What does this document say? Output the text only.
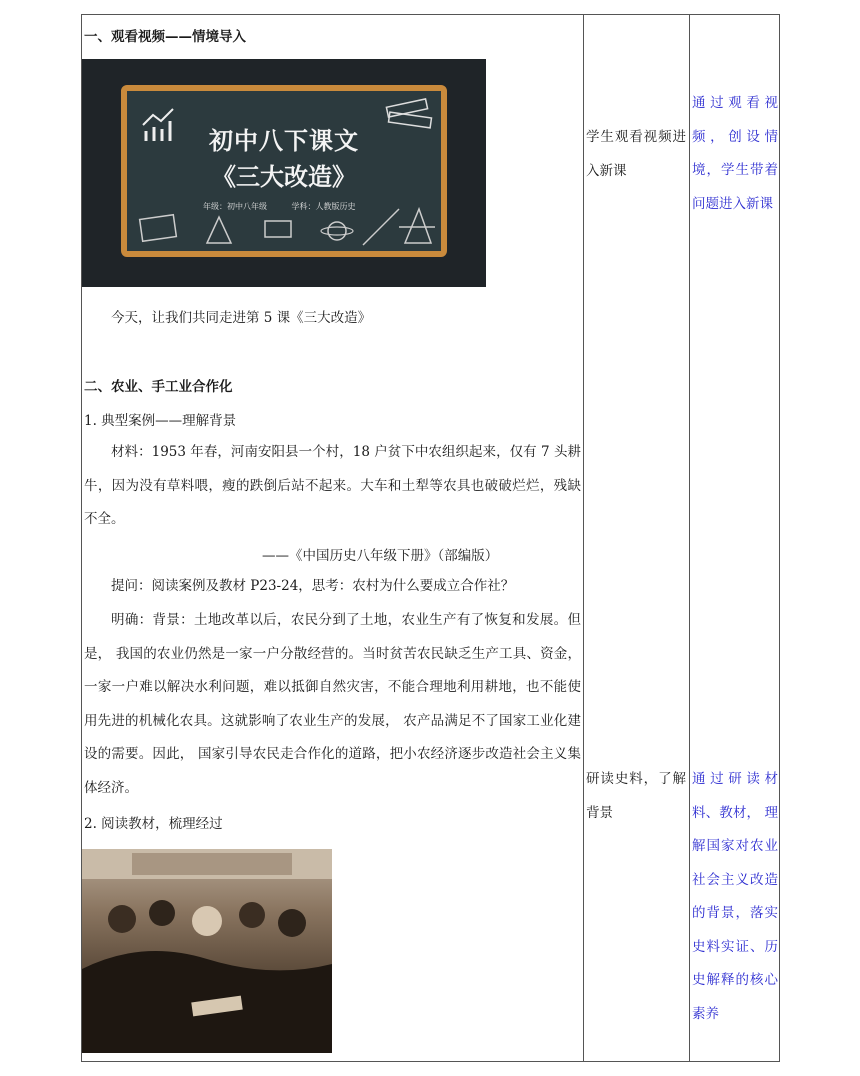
一、观看视频——情境导入
初中八下课文
《三大改造》
年级：初中八年级	学科：人教版历史
今天，让我们共同走进第 5 课《三大改造》
二、农业、手工业合作化
1. 典型案例——理解背景
材料：1953 年春，河南安阳县一个村，18 户贫下中农组织起来，仅有 7 头耕牛，因为没有草料喂，瘦的跌倒后站不起来。大车和土犁等农具也破破烂烂，残缺不全。
——《中国历史八年级下册》（部编版）
提问：阅读案例及教材 P23-24，思考：农村为什么要成立合作社？
明确：背景：土地改革以后，农民分到了土地，农业生产有了恢复和发展。但是， 我国的农业仍然是一家一户分散经营的。当时贫苦农民缺乏生产工具、资金， 一家一户难以解决水利问题，难以抵御自然灾害，不能合理地利用耕地，也不能使用先进的机械化农具。这就影响了农业生产的发展， 农产品满足不了国家工业化建设的需要。因此， 国家引导农民走合作化的道路，把小农经济逐步改造社会主义集体经济。
2. 阅读教材，梳理经过
学生观看视频进入新课
研读史料，了解背景
通过观看视频，创设情境，学生带着问题进入新课
通过研读材料、教材， 理解国家对农业社会主义改造的背景，落实史料实证、历史解释的核心素养
